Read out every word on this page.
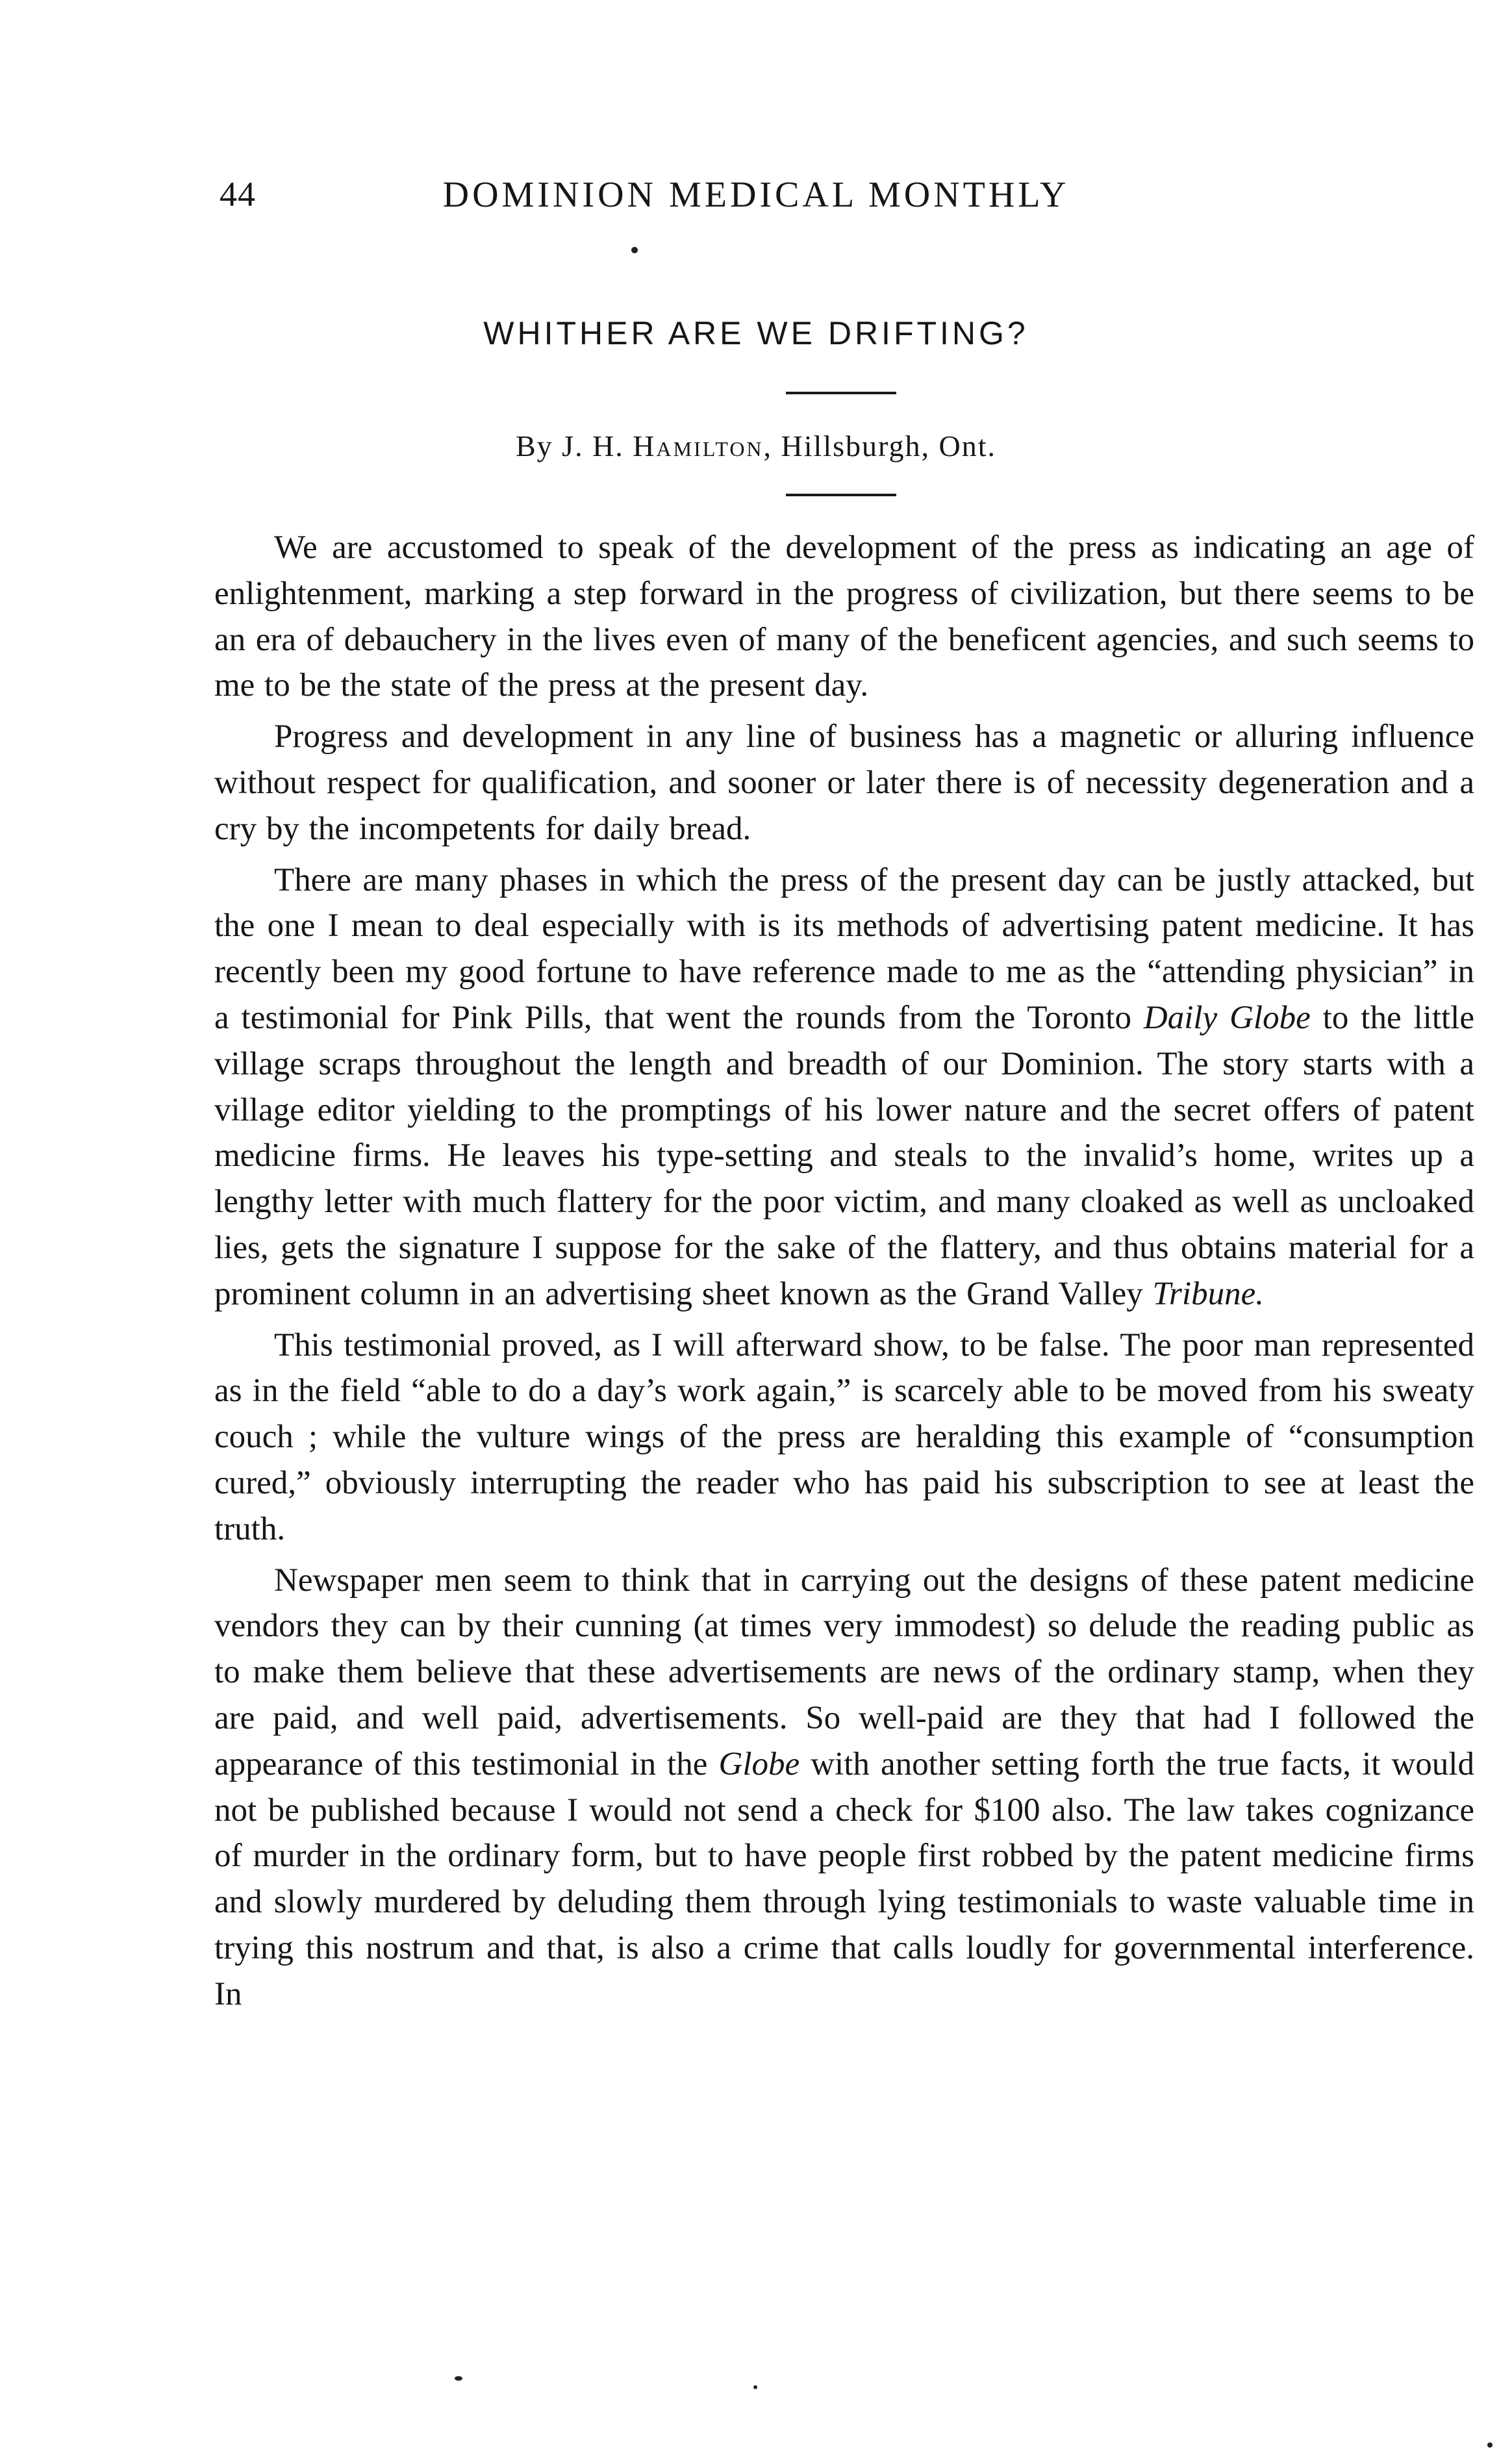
44	DOMINION MEDICAL MONTHLY
WHITHER ARE WE DRIFTING?
By J. H. Hamilton, Hillsburgh, Ont.

We are accustomed to speak of the development of the press as indicating an age of enlightenment, marking a step forward in the progress of civilization, but there seems to be an era of debauchery in the lives even of many of the beneficent agencies, and such seems to me to be the state of the press at the present day.

Progress and development in any line of business has a magnetic or alluring influence without respect for qualification, and sooner or later there is of necessity degeneration and a cry by the incompetents for daily bread.

There are many phases in which the press of the present day can be justly attacked, but the one I mean to deal especially with is its methods of advertising patent medicine. It has recently been my good fortune to have reference made to me as the “attending physician” in a testimonial for Pink Pills, that went the rounds from the Toronto Daily Globe to the little village scraps throughout the length and breadth of our Dominion. The story starts with a village editor yielding to the promptings of his lower nature and the secret offers of patent medicine firms. He leaves his type-setting and steals to the invalid’s home, writes up a lengthy letter with much flattery for the poor victim, and many cloaked as well as uncloaked lies, gets the signature I suppose for the sake of the flattery, and thus obtains material for a prominent column in an advertising sheet known as the Grand Valley Tribune.

This testimonial proved, as I will afterward show, to be false. The poor man represented as in the field “able to do a day’s work again,” is scarcely able to be moved from his sweaty couch ; while the vulture wings of the press are heralding this example of “consumption cured,” obviously interrupting the reader who has paid his subscription to see at least the truth.

Newspaper men seem to think that in carrying out the designs of these patent medicine vendors they can by their cunning (at times very immodest) so delude the reading public as to make them believe that these advertisements are news of the ordinary stamp, when they are paid, and well paid, advertisements. So well-paid are they that had I followed the appearance of this testimonial in the Globe with another setting forth the true facts, it would not be published because I would not send a check for $100 also. The law takes cognizance of murder in the ordinary form, but to have people first robbed by the patent medicine firms and slowly murdered by deluding them through lying testimonials to waste valuable time in trying this nostrum and that, is also a crime that calls loudly for governmental interference. In
